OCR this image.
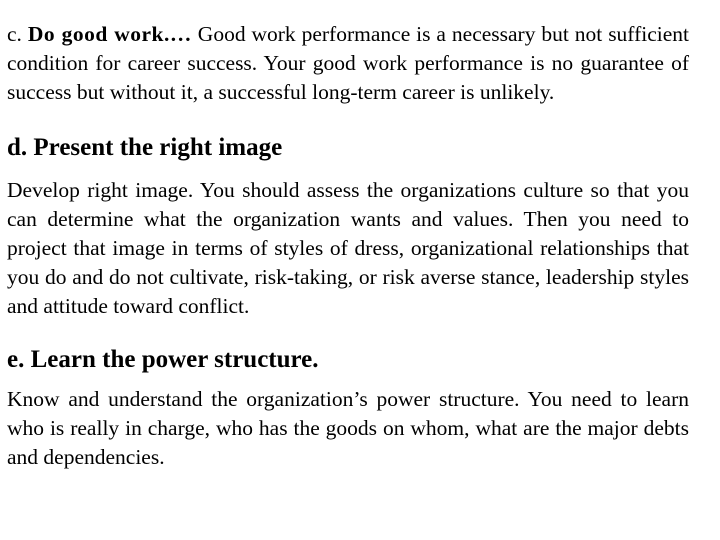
c. Do good work.… Good work performance is a necessary but not sufficient condition for career success. Your good work performance is no guarantee of success but without it, a successful long-term career is unlikely.

d. Present the right image

Develop right image. You should assess the organizations culture so that you can determine what the organization wants and values. Then you need to project that image in terms of styles of dress, organizational relationships that you do and do not cultivate, risk-taking, or risk averse stance, leadership styles and attitude toward conflict.

e. Learn the power structure.

Know and understand the organization’s power structure. You need to learn who is really in charge, who has the goods on whom, what are the major debts and dependencies.
